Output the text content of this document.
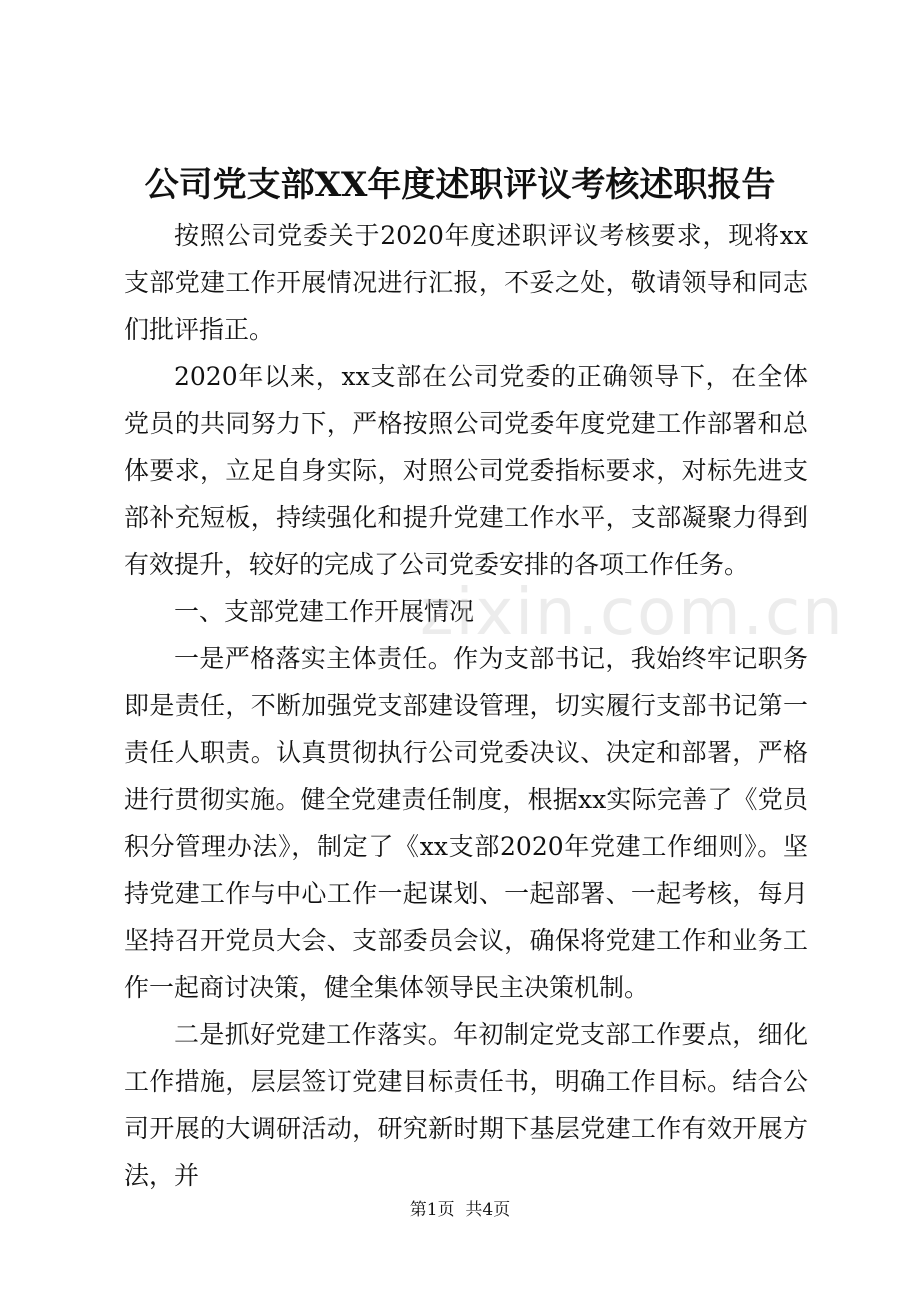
公司党支部XX年度述职评议考核述职报告

按照公司党委关于2020年度述职评议考核要求，现将xx支部党建工作开展情况进行汇报，不妥之处，敬请领导和同志们批评指正。

2020年以来，xx支部在公司党委的正确领导下，在全体党员的共同努力下，严格按照公司党委年度党建工作部署和总体要求，立足自身实际，对照公司党委指标要求，对标先进支部补充短板，持续强化和提升党建工作水平，支部凝聚力得到有效提升，较好的完成了公司党委安排的各项工作任务。

一、支部党建工作开展情况

一是严格落实主体责任。作为支部书记，我始终牢记职务即是责任，不断加强党支部建设管理，切实履行支部书记第一责任人职责。认真贯彻执行公司党委决议、决定和部署，严格进行贯彻实施。健全党建责任制度，根据xx实际完善了《党员积分管理办法》，制定了《xx支部2020年党建工作细则》。坚持党建工作与中心工作一起谋划、一起部署、一起考核，每月坚持召开党员大会、支部委员会议，确保将党建工作和业务工作一起商讨决策，健全集体领导民主决策机制。

二是抓好党建工作落实。年初制定党支部工作要点，细化工作措施，层层签订党建目标责任书，明确工作目标。结合公司开展的大调研活动，研究新时期下基层党建工作有效开展方法，并

zixin.com.cn
第1页  共4页
